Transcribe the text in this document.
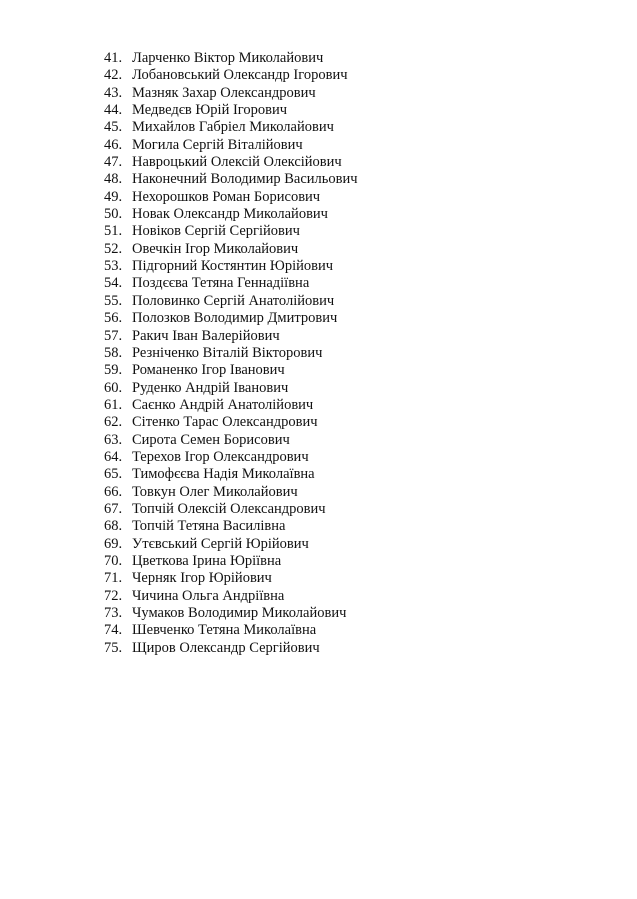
41. Ларченко Віктор Миколайович
42. Лобановський Олександр Ігорович
43. Мазняк Захар Олександрович
44. Медведєв Юрій Ігорович
45. Михайлов Габріел Миколайович
46. Могила Сергій Віталійович
47. Навроцький Олексій Олексійович
48. Наконечний Володимир Васильович
49. Нехорошков Роман Борисович
50. Новак Олександр Миколайович
51. Новіков Сергій Сергійович
52. Овечкін Ігор Миколайович
53. Підгорний Костянтин Юрійович
54. Поздєєва Тетяна Геннадіївна
55. Половинко Сергій Анатолійович
56. Полозков Володимир Дмитрович
57. Ракич Іван Валерійович
58. Резніченко Віталій Вікторович
59. Романенко Ігор Іванович
60. Руденко Андрій Іванович
61. Саєнко Андрій Анатолійович
62. Сітенко Тарас Олександрович
63. Сирота Семен Борисович
64. Терехов Ігор Олександрович
65. Тимофєєва Надія Миколаївна
66. Товкун Олег Миколайович
67. Топчій Олексій Олександрович
68. Топчій Тетяна Василівна
69. Утєвський Сергій Юрійович
70. Цветкова Ірина Юріївна
71. Черняк Ігор Юрійович
72. Чичина Ольга Андріївна
73. Чумаков Володимир Миколайович
74. Шевченко Тетяна Миколаївна
75. Щиров Олександр Сергійович
